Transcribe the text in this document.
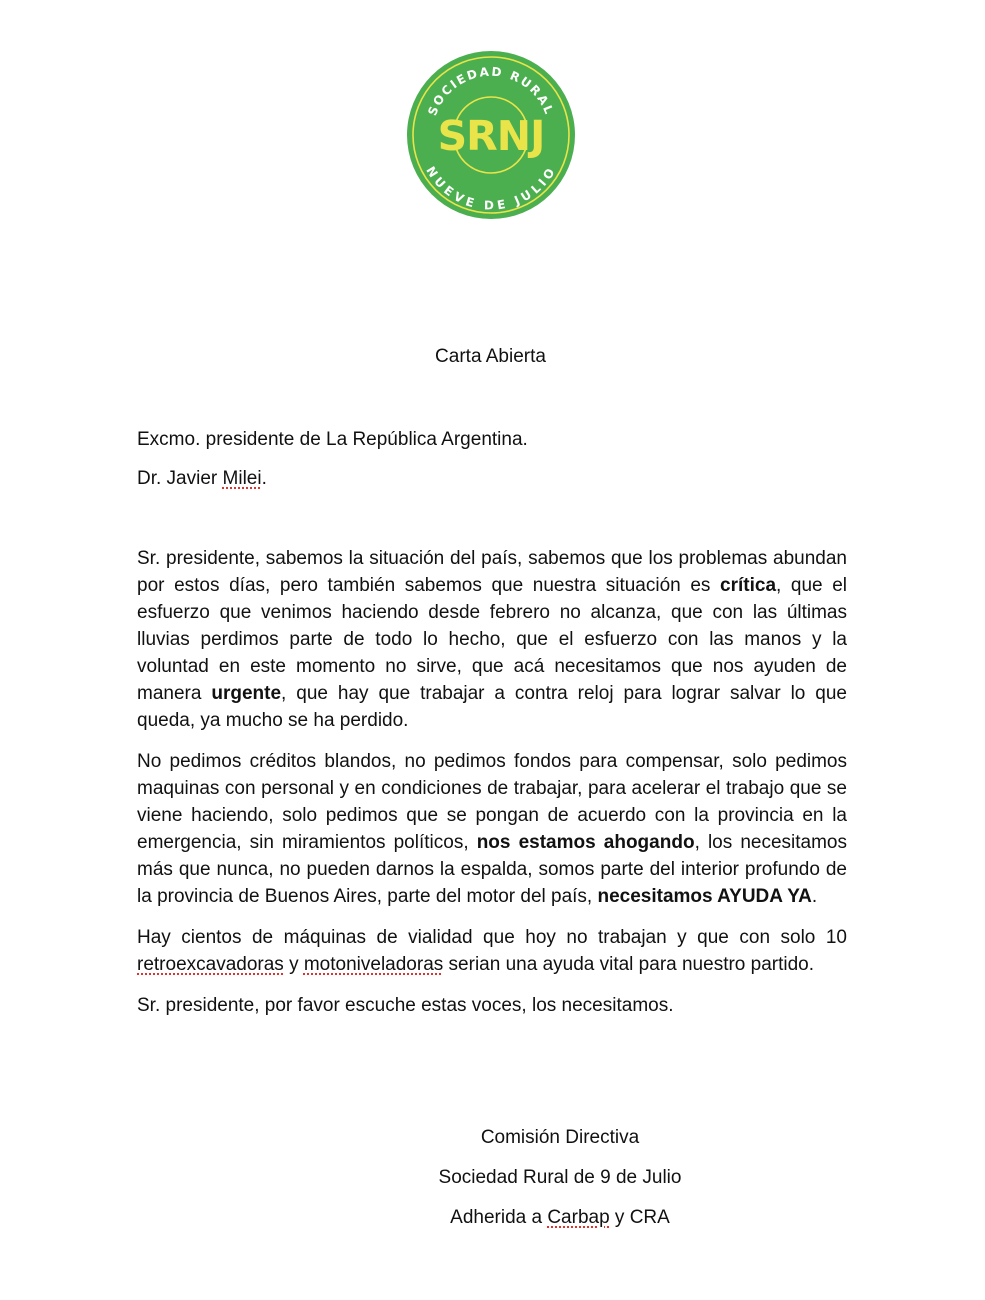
SRNJ
SOCIEDAD RURAL
NUEVE DE JULIO
Carta Abierta
Excmo. presidente de La República Argentina.
Dr. Javier Milei.

Sr. presidente, sabemos la situación del país, sabemos que los problemas abundan por estos días, pero también sabemos que nuestra situación es crítica, que el esfuerzo que venimos haciendo desde febrero no alcanza, que con las últimas lluvias perdimos parte de todo lo hecho, que el esfuerzo con las manos y la voluntad en este momento no sirve, que acá necesitamos que nos ayuden de manera urgente, que hay que trabajar a contra reloj para lograr salvar lo que queda, ya mucho se ha perdido.

No pedimos créditos blandos, no pedimos fondos para compensar, solo pedimos maquinas con personal y en condiciones de trabajar, para acelerar el trabajo que se viene haciendo, solo pedimos que se pongan de acuerdo con la provincia en la emergencia, sin miramientos políticos, nos estamos ahogando, los necesitamos más que nunca, no pueden darnos la espalda, somos parte del interior profundo de la provincia de Buenos Aires, parte del motor del país, necesitamos AYUDA YA.

Hay cientos de máquinas de vialidad que hoy no trabajan y que con solo 10 retroexcavadoras y motoniveladoras serian una ayuda vital para nuestro partido.

Sr. presidente, por favor escuche estas voces, los necesitamos.

Comisión Directiva
Sociedad Rural de 9 de Julio
Adherida a Carbap y CRA
